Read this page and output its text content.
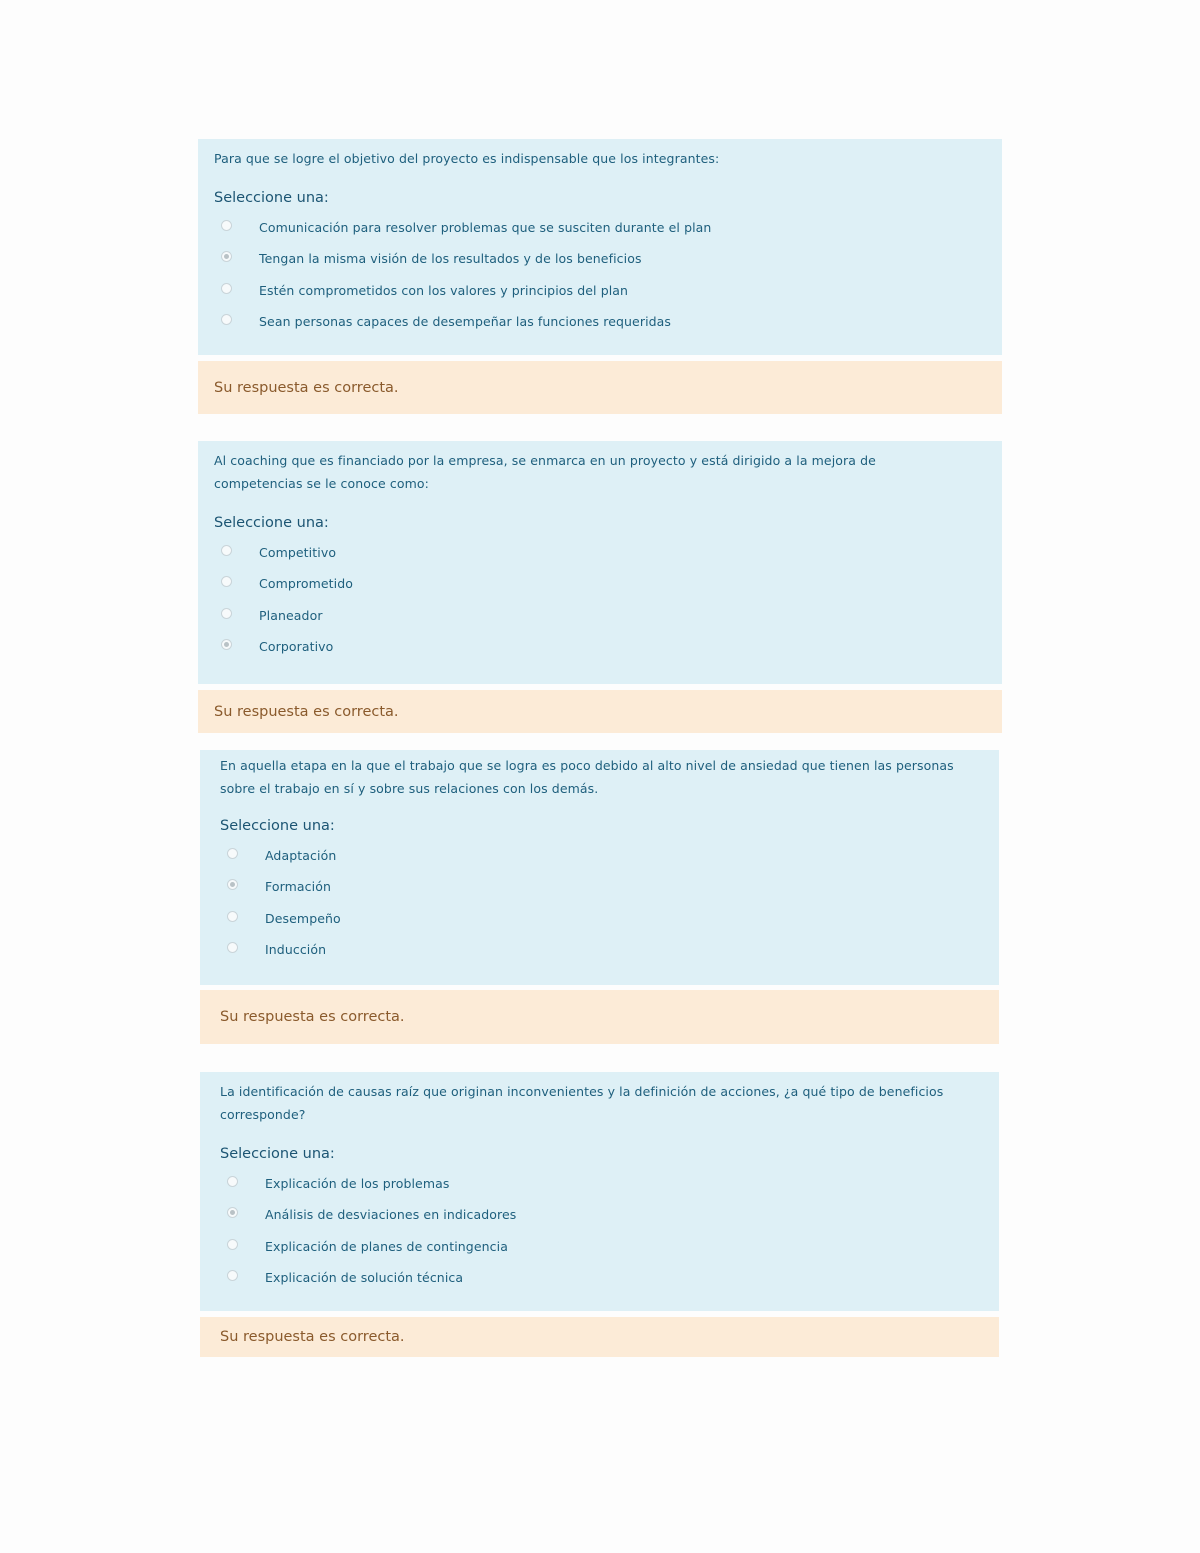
Para que se logre el objetivo del proyecto es indispensable que los integrantes:

Seleccione una:
Comunicación para resolver problemas que se susciten durante el plan
Tengan la misma visión de los resultados y de los beneficios
Estén comprometidos con los valores y principios del plan
Sean personas capaces de desempeñar las funciones requeridas
Su respuesta es correcta.

Al coaching que es financiado por la empresa, se enmarca en un proyecto y está dirigido a la mejora de competencias se le conoce como:

Seleccione una:
Competitivo
Comprometido
Planeador
Corporativo
Su respuesta es correcta.

En aquella etapa en la que el trabajo que se logra es poco debido al alto nivel de ansiedad que tienen las personas sobre el trabajo en sí y sobre sus relaciones con los demás.

Seleccione una:
Adaptación
Formación
Desempeño
Inducción
Su respuesta es correcta.

La identificación de causas raíz que originan inconvenientes y la definición de acciones, ¿a qué tipo de beneficios corresponde?

Seleccione una:
Explicación de los problemas
Análisis de desviaciones en indicadores
Explicación de planes de contingencia
Explicación de solución técnica
Su respuesta es correcta.
